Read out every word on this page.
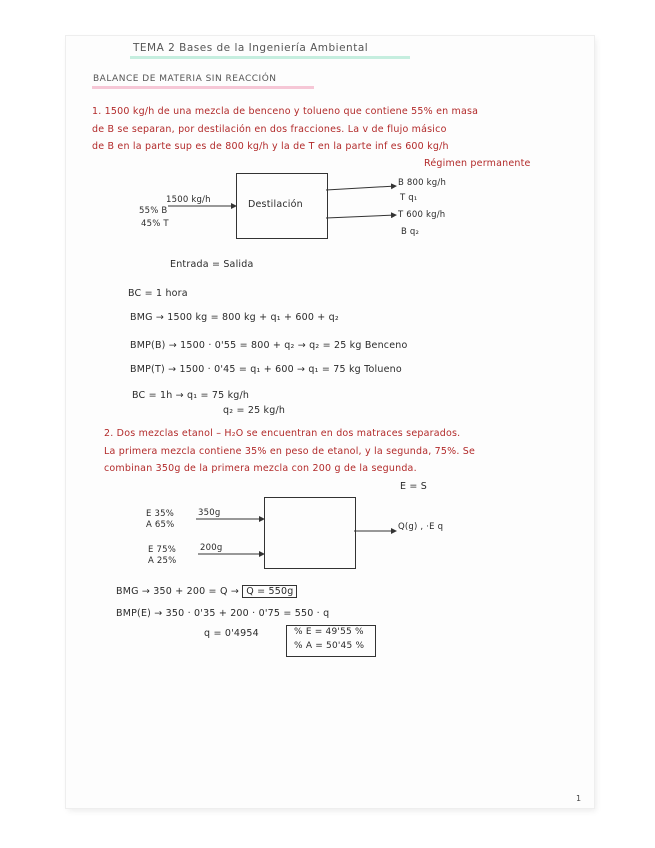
TEMA 2 Bases de la Ingeniería Ambiental
BALANCE DE MATERIA SIN REACCIÓN
1. 1500 kg/h de una mezcla de benceno y tolueno que contiene 55% en masa
de B se separan, por destilación en dos fracciones. La v de flujo másico
de B en la parte sup es de 800 kg/h y la de T en la parte inf es 600 kg/h
Régimen permanente
Destilación
1500 kg/h
55% B
45% T
B 800 kg/h
T q₁
T 600 kg/h
B q₂
Entrada = Salida
BC = 1 hora
BMG → 1500 kg = 800 kg + q₁ + 600 + q₂
BMP(B) → 1500 · 0'55 = 800 + q₂ → q₂ = 25 kg Benceno
BMP(T) → 1500 · 0'45 = q₁ + 600 → q₁ = 75 kg Tolueno
BC = 1h → q₁ = 75 kg/h
q₂ = 25 kg/h
2. Dos mezclas etanol – H₂O se encuentran en dos matraces separados.
La primera mezcla contiene 35% en peso de etanol, y la segunda, 75%. Se
combinan 350g de la primera mezcla con 200 g de la segunda.
E = S
E 35%
A 65%
350g
E 75%
A 25%
200g
Q(g) , ·E q
BMG → 350 + 200 = Q → Q = 550g
BMP(E) → 350 · 0'35 + 200 · 0'75 = 550 · q
q = 0'4954	% E = 49'55 %
% A = 50'45 %
1
